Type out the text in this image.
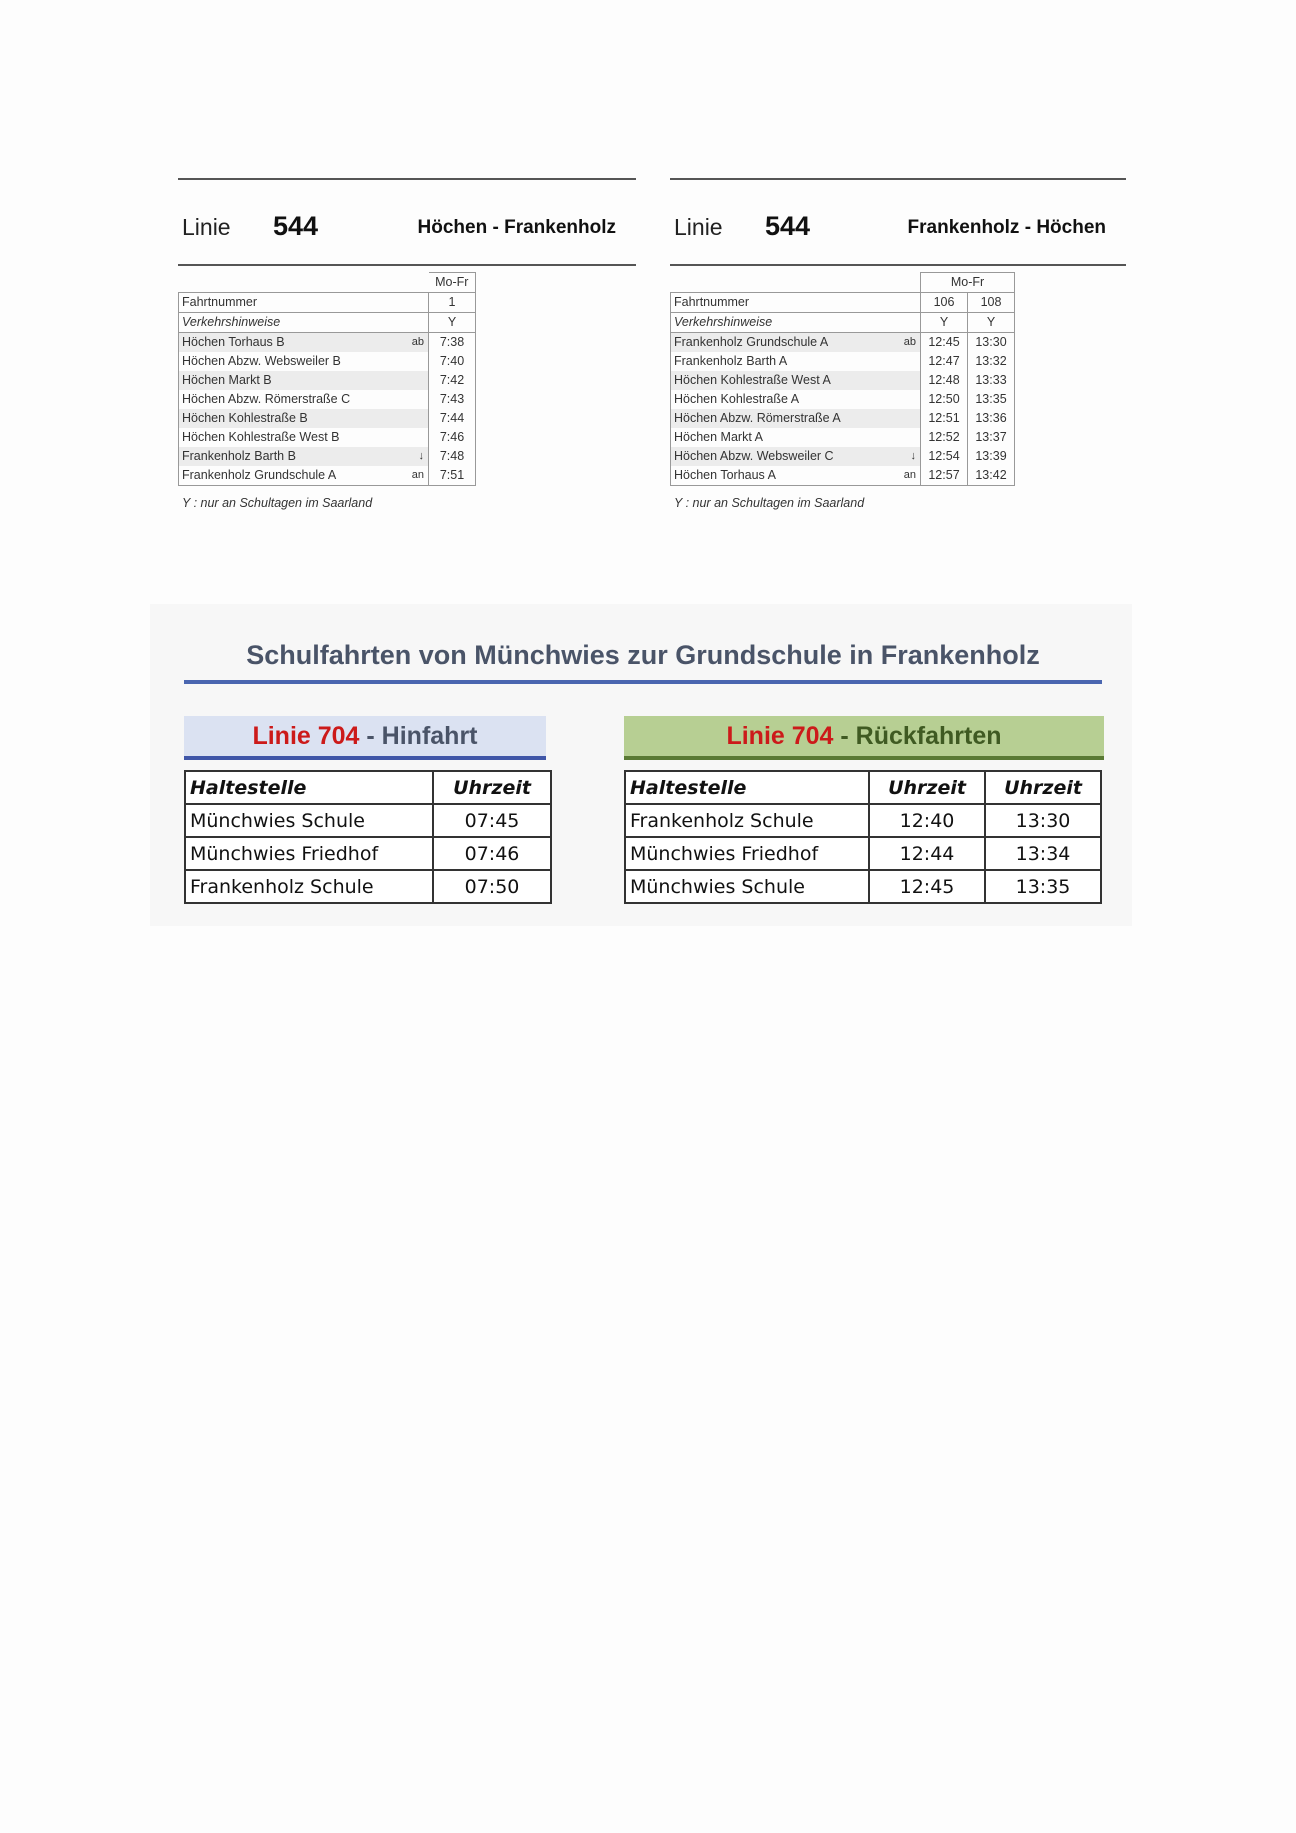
Linie 544	Höchen - Frankenholz
		Mo-Fr
Fahrtnummer		1
Verkehrshinweise		Y
Höchen Torhaus B	ab	7:38
Höchen Abzw. Websweiler B		7:40
Höchen Markt B		7:42
Höchen Abzw. Römerstraße C		7:43
Höchen Kohlestraße B		7:44
Höchen Kohlestraße West B		7:46
Frankenholz Barth B	↓	7:48
Frankenholz Grundschule A	an	7:51
Y : nur an Schultagen im Saarland
Linie 544	Frankenholz - Höchen
		Mo-Fr	
Fahrtnummer		106	108
Verkehrshinweise		Y	Y
Frankenholz Grundschule A	ab	12:45	13:30
Frankenholz Barth A		12:47	13:32
Höchen Kohlestraße West A		12:48	13:33
Höchen Kohlestraße A		12:50	13:35
Höchen Abzw. Römerstraße A		12:51	13:36
Höchen Markt A		12:52	13:37
Höchen Abzw. Websweiler C	↓	12:54	13:39
Höchen Torhaus A	an	12:57	13:42
Y : nur an Schultagen im Saarland
Schulfahrten von Münchwies zur Grundschule in Frankenholz
Linie 704 - Hinfahrt	Linie 704 - Rückfahrten
Haltestelle	Uhrzeit
Münchwies Schule	07:45
Münchwies Friedhof	07:46
Frankenholz Schule	07:50
Haltestelle	Uhrzeit	Uhrzeit
Frankenholz Schule	12:40	13:30
Münchwies Friedhof	12:44	13:34
Münchwies Schule	12:45	13:35
